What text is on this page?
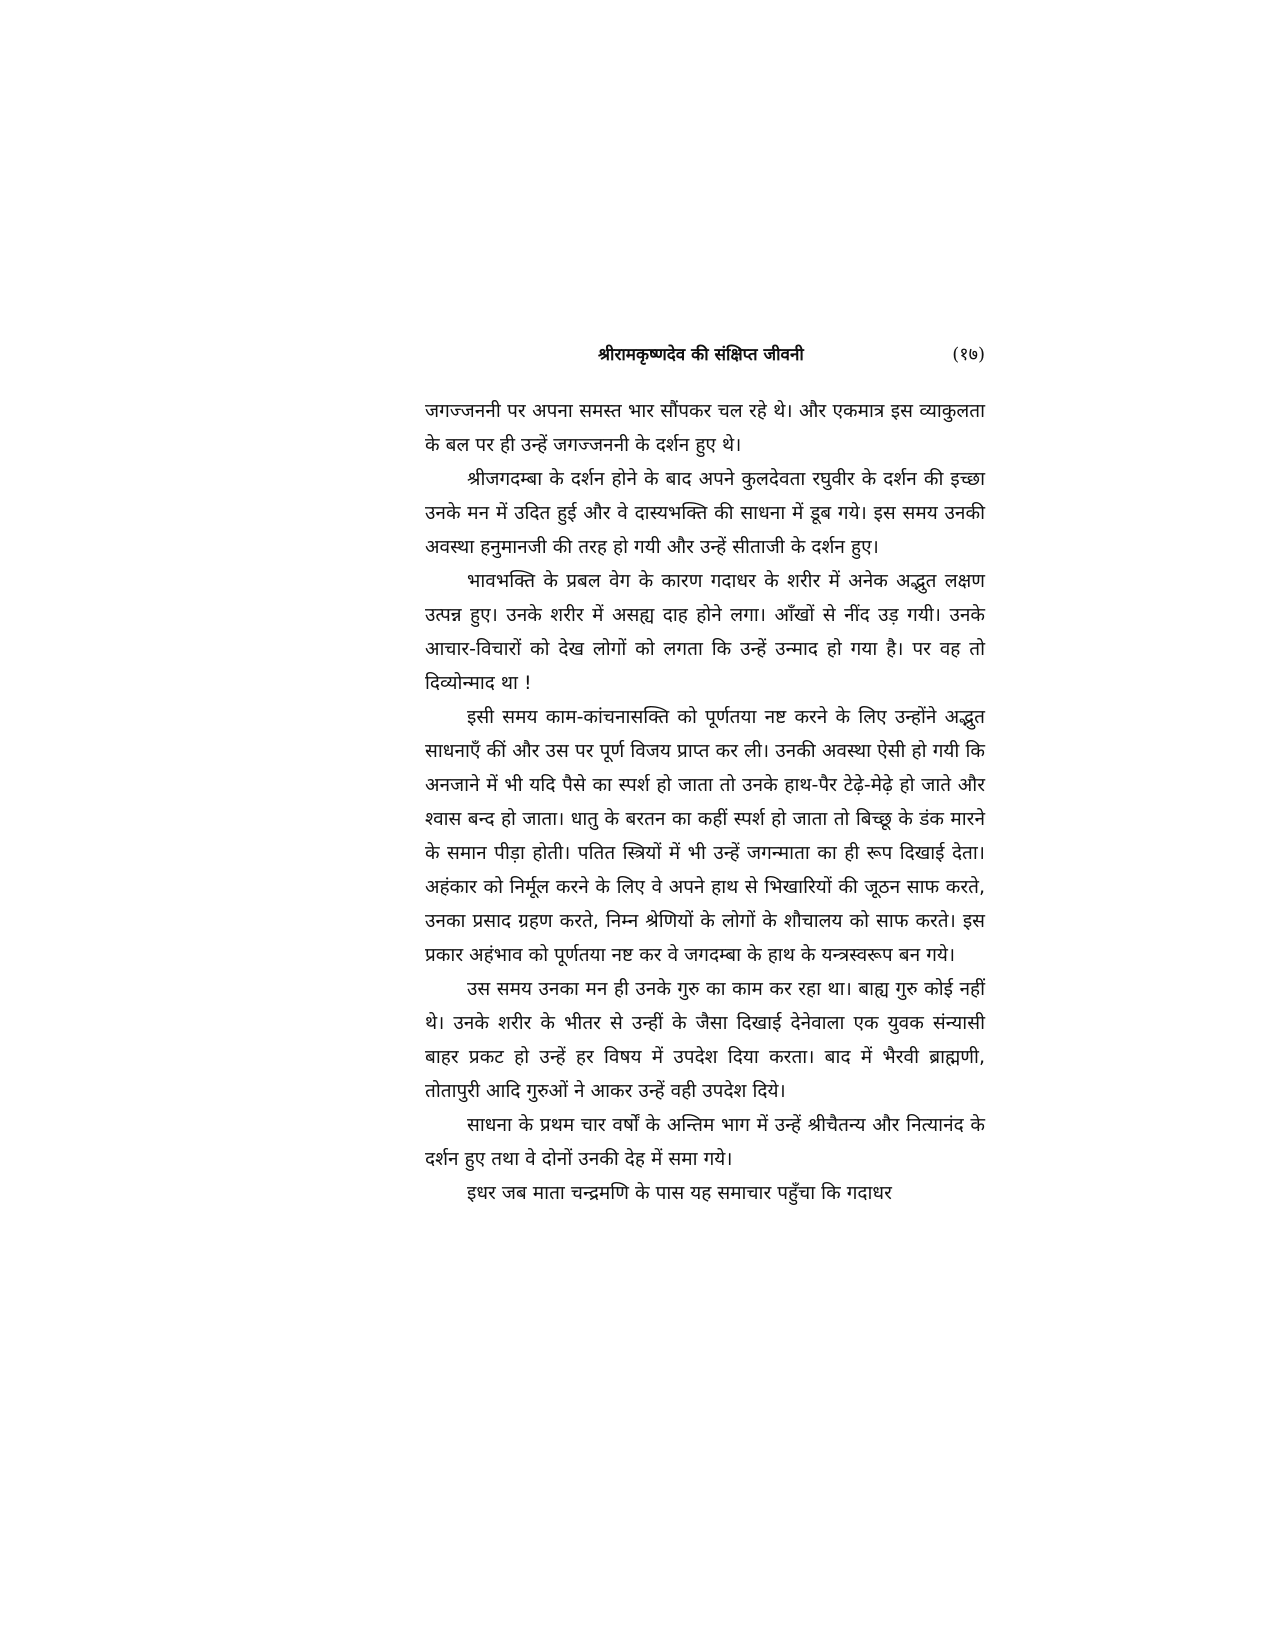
श्रीरामकृष्णदेव की संक्षिप्त जीवनी	(१७)

जगज्जननी पर अपना समस्त भार सौंपकर चल रहे थे। और एकमात्र इस व्याकुलता के बल पर ही उन्हें जगज्जननी के दर्शन हुए थे।

श्रीजगदम्बा के दर्शन होने के बाद अपने कुलदेवता रघुवीर के दर्शन की इच्छा उनके मन में उदित हुई और वे दास्यभक्ति की साधना में डूब गये। इस समय उनकी अवस्था हनुमानजी की तरह हो गयी और उन्हें सीताजी के दर्शन हुए।

भावभक्ति के प्रबल वेग के कारण गदाधर के शरीर में अनेक अद्भुत लक्षण उत्पन्न हुए। उनके शरीर में असह्य दाह होने लगा। आँखों से नींद उड़ गयी। उनके आचार-विचारों को देख लोगों को लगता कि उन्हें उन्माद हो गया है। पर वह तो दिव्योन्माद था !

इसी समय काम-कांचनासक्ति को पूर्णतया नष्ट करने के लिए उन्होंने अद्भुत साधनाएँ कीं और उस पर पूर्ण विजय प्राप्त कर ली। उनकी अवस्था ऐसी हो गयी कि अनजाने में भी यदि पैसे का स्पर्श हो जाता तो उनके हाथ-पैर टेढ़े-मेढ़े हो जाते और श्वास बन्द हो जाता। धातु के बरतन का कहीं स्पर्श हो जाता तो बिच्छू के डंक मारने के समान पीड़ा होती। पतित स्त्रियों में भी उन्हें जगन्माता का ही रूप दिखाई देता। अहंकार को निर्मूल करने के लिए वे अपने हाथ से भिखारियों की जूठन साफ करते, उनका प्रसाद ग्रहण करते, निम्न श्रेणियों के लोगों के शौचालय को साफ करते। इस प्रकार अहंभाव को पूर्णतया नष्ट कर वे जगदम्बा के हाथ के यन्त्रस्वरूप बन गये।

उस समय उनका मन ही उनके गुरु का काम कर रहा था। बाह्य गुरु कोई नहीं थे। उनके शरीर के भीतर से उन्हीं के जैसा दिखाई देनेवाला एक युवक संन्यासी बाहर प्रकट हो उन्हें हर विषय में उपदेश दिया करता। बाद में भैरवी ब्राह्मणी, तोतापुरी आदि गुरुओं ने आकर उन्हें वही उपदेश दिये।

साधना के प्रथम चार वर्षों के अन्तिम भाग में उन्हें श्रीचैतन्य और नित्यानंद के दर्शन हुए तथा वे दोनों उनकी देह में समा गये।

इधर जब माता चन्द्रमणि के पास यह समाचार पहुँचा कि गदाधर
